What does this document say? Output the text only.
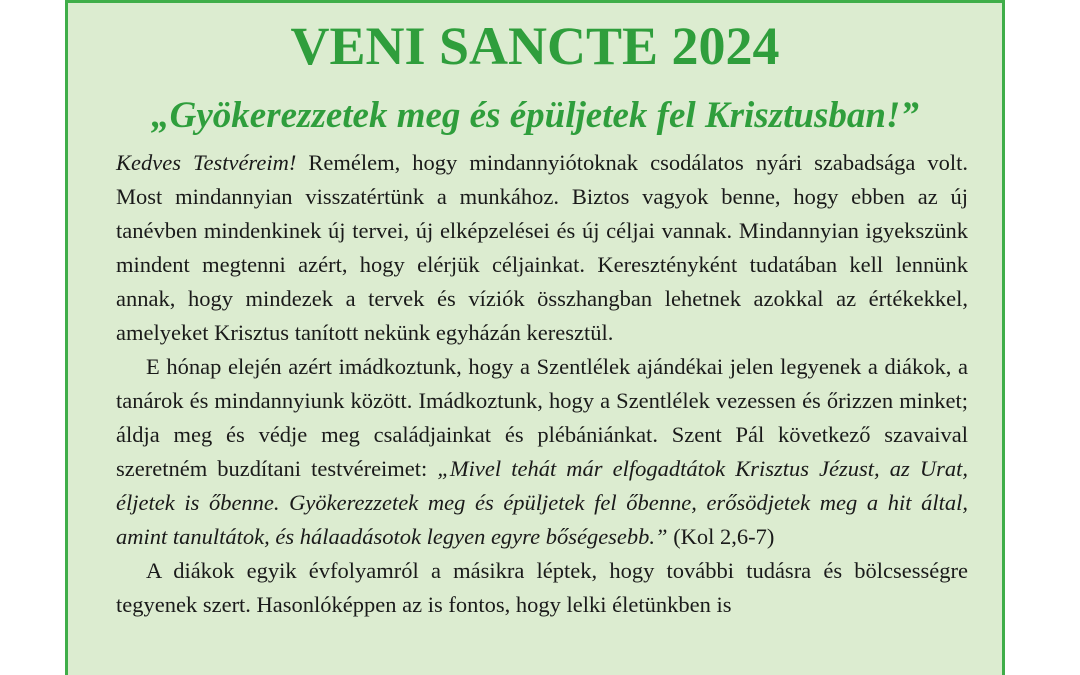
VENI SANCTE 2024
„Gyökerezzetek meg és épüljetek fel Krisztusban!”

Kedves Testvéreim! Remélem, hogy mindannyiótoknak csodálatos nyári szabadsága volt. Most mindannyian visszatértünk a munkához. Biztos vagyok benne, hogy ebben az új tanévben mindenkinek új tervei, új elképzelései és új céljai vannak. Mindannyian igyekszünk mindent megtenni azért, hogy elérjük céljainkat. Keresztényként tudatában kell lennünk annak, hogy mindezek a tervek és víziók összhangban lehetnek azokkal az értékekkel, amelyeket Krisztus tanított nekünk egyházán keresztül.

E hónap elején azért imádkoztunk, hogy a Szentlélek ajándékai jelen legyenek a diákok, a tanárok és mindannyiunk között. Imádkoztunk, hogy a Szentlélek vezessen és őrizzen minket; áldja meg és védje meg családjainkat és plébániánkat. Szent Pál következő szavaival szeretném buzdítani testvéreimet: „Mivel tehát már elfogadtátok Krisztus Jézust, az Urat, éljetek is őbenne. Gyökerezzetek meg és épüljetek fel őbenne, erősödjetek meg a hit által, amint tanultátok, és hálaadásotok legyen egyre bőségesebb.” (Kol 2,6-7)

A diákok egyik évfolyamról a másikra léptek, hogy további tudásra és bölcsességre tegyenek szert. Hasonlóképpen az is fontos, hogy lelki életünkben is
